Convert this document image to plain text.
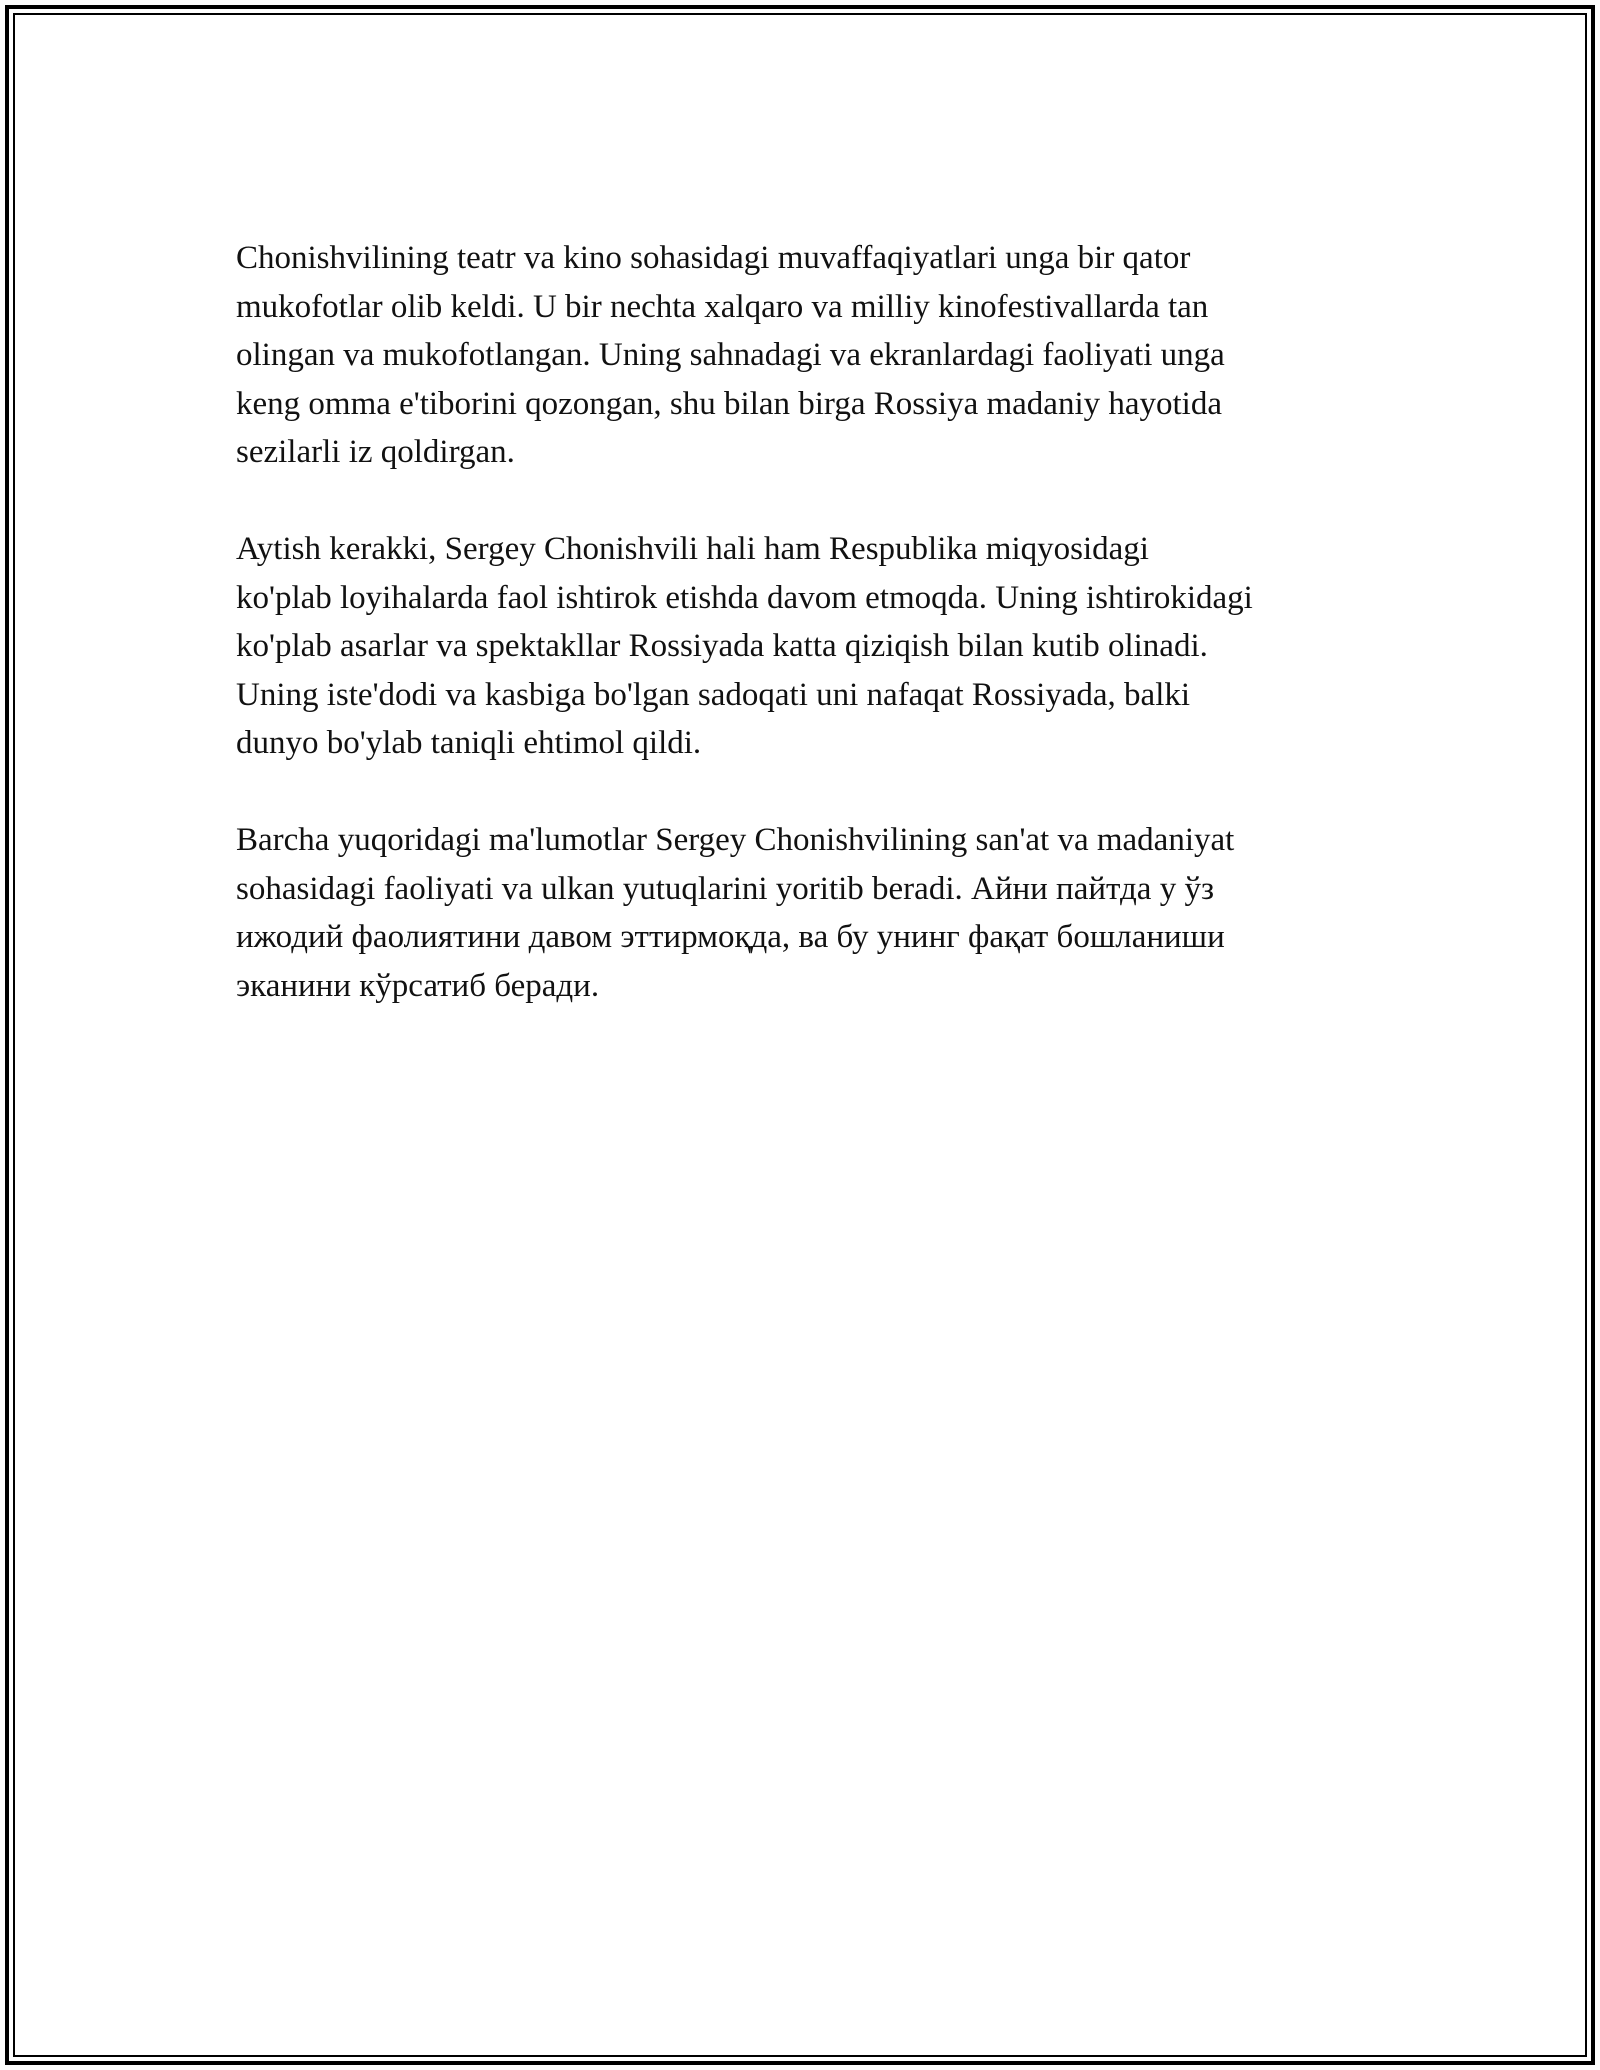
Chonishvilining teatr va kino sohasidagi muvaffaqiyatlari unga bir qator
mukofotlar olib keldi. U bir nechta xalqaro va milliy kinofestivallarda tan
olingan va mukofotlangan. Uning sahnadagi va ekranlardagi faoliyati unga
keng omma e'tiborini qozongan, shu bilan birga Rossiya madaniy hayotida
sezilarli iz qoldirgan.

Aytish kerakki, Sergey Chonishvili hali ham Respublika miqyosidagi
ko'plab loyihalarda faol ishtirok etishda davom etmoqda. Uning ishtirokidagi
ko'plab asarlar va spektakllar Rossiyada katta qiziqish bilan kutib olinadi.
Uning iste'dodi va kasbiga bo'lgan sadoqati uni nafaqat Rossiyada, balki
dunyo bo'ylab taniqli ehtimol qildi.

Barcha yuqoridagi ma'lumotlar Sergey Chonishvilining san'at va madaniyat
sohasidagi faoliyati va ulkan yutuqlarini yoritib beradi. Айни пайтда у ўз
ижодий фаолиятини давом эттирмоқда, ва бу унинг фақат бошланиши
эканини кўрсатиб беради.
